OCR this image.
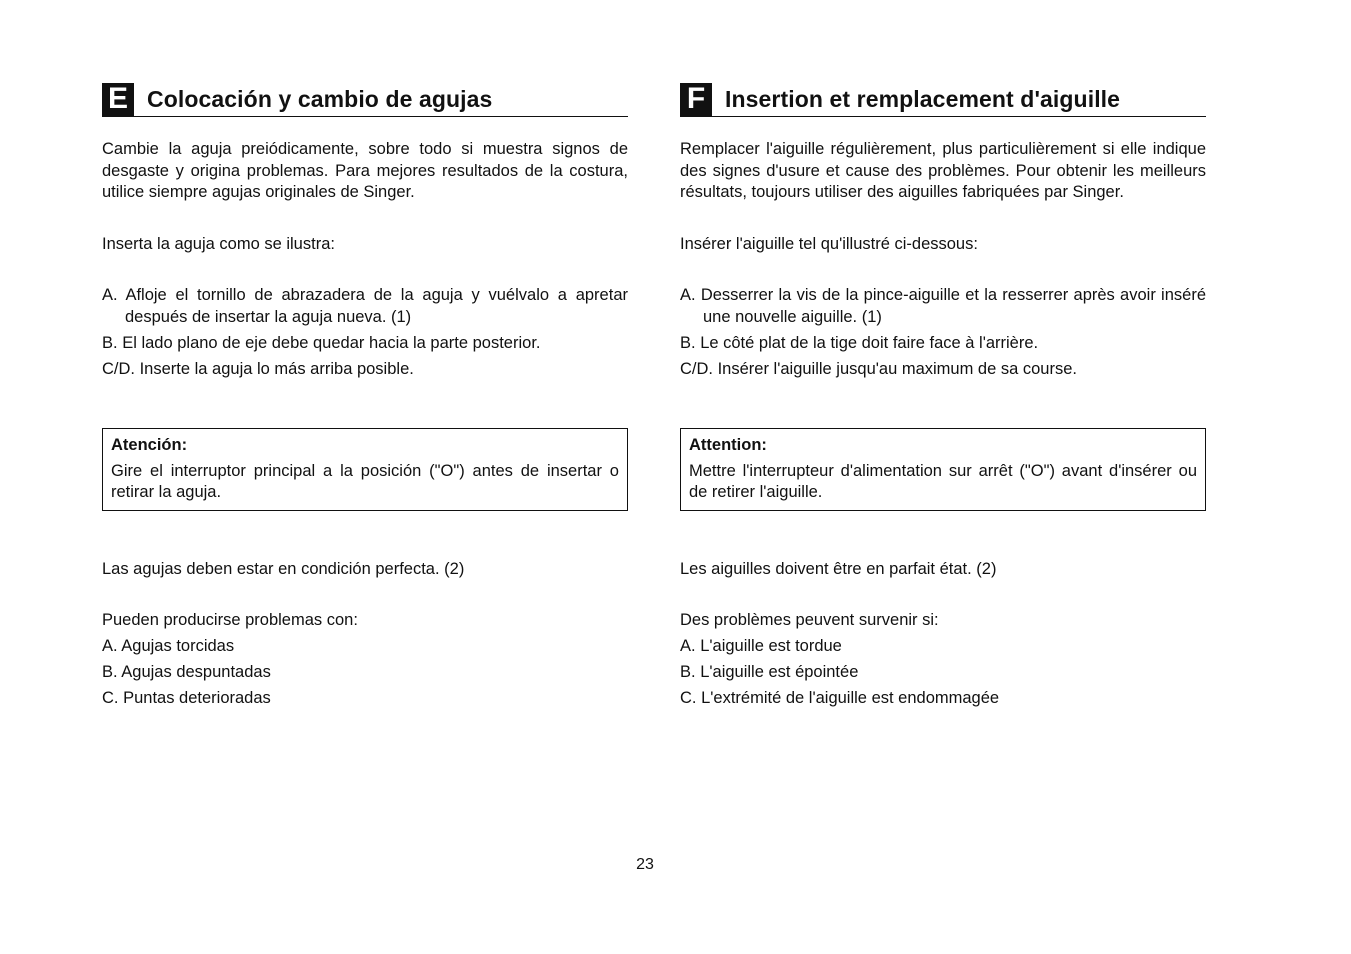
E Colocación y cambio de agujas

Cambie la aguja preiódicamente, sobre todo si muestra signos de desgaste y origina problemas. Para mejores resultados de la costura, utilice siempre agujas originales de Singer.

Inserta la aguja como se ilustra:

A. Afloje el tornillo de abrazadera de la aguja y vuélvalo a apretar después de insertar la aguja nueva. (1)

B. El lado plano de eje debe quedar hacia la parte posterior.

C/D. Inserte la aguja lo más arriba posible.

Atención:
Gire el interruptor principal a la posición ("O") antes de insertar o retirar la aguja.

Las agujas deben estar en condición perfecta. (2)

Pueden producirse problemas con:

A. Agujas torcidas

B. Agujas despuntadas

C. Puntas deterioradas

F Insertion et remplacement d'aiguille

Remplacer l'aiguille régulièrement, plus particulièrement si elle indique des signes d'usure et cause des problèmes. Pour obtenir les meilleurs résultats, toujours utiliser des aiguilles fabriquées par Singer.

Insérer l'aiguille tel qu'illustré ci-dessous:

A. Desserrer la vis de la pince-aiguille et la resserrer après avoir inséré une nouvelle aiguille. (1)

B. Le côté plat de la tige doit faire face à l'arrière.

C/D. Insérer l'aiguille jusqu'au maximum de sa course.

Attention:
Mettre l'interrupteur d'alimentation sur arrêt ("O") avant d'insérer ou de retirer l'aiguille.

Les aiguilles doivent être en parfait état. (2)

Des problèmes peuvent survenir si:

A. L'aiguille est tordue

B. L'aiguille est épointée

C. L'extrémité de l'aiguille est endommagée

23
